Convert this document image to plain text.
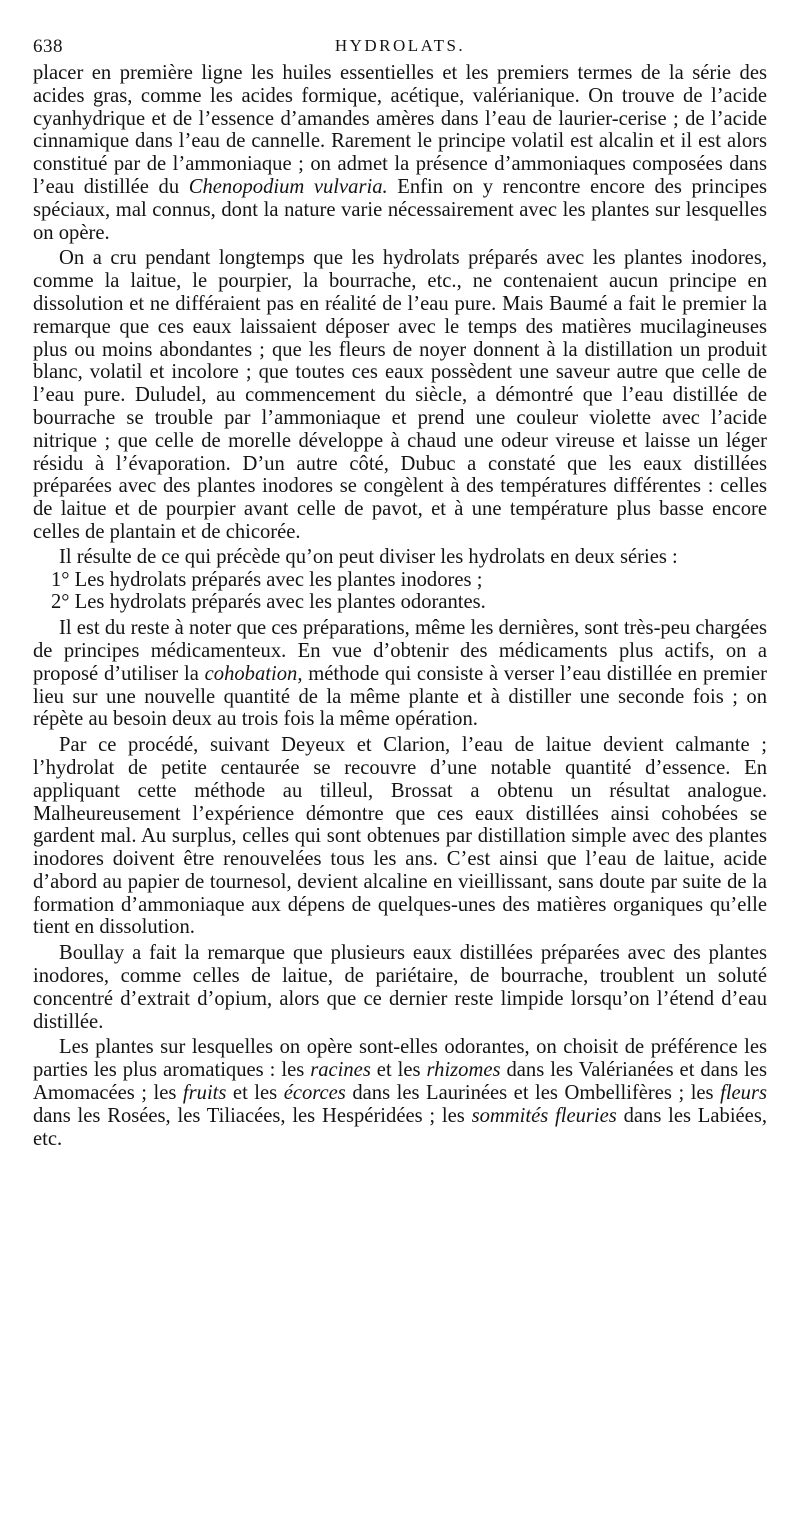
638	HYDROLATS.

placer en première ligne les huiles essentielles et les premiers termes de la série des acides gras, comme les acides formique, acétique, valérianique. On trouve de l’acide cyanhydrique et de l’essence d’amandes amères dans l’eau de laurier-cerise ; de l’acide cinnamique dans l’eau de cannelle. Rarement le principe volatil est alcalin et il est alors constitué par de l’ammoniaque ; on admet la présence d’ammoniaques composées dans l’eau distillée du Chenopodium vulvaria. Enfin on y rencontre encore des principes spéciaux, mal connus, dont la nature varie nécessairement avec les plantes sur lesquelles on opère.

On a cru pendant longtemps que les hydrolats préparés avec les plantes inodores, comme la laitue, le pourpier, la bourrache, etc., ne contenaient aucun principe en dissolution et ne différaient pas en réalité de l’eau pure. Mais Baumé a fait le premier la remarque que ces eaux laissaient déposer avec le temps des matières mucilagineuses plus ou moins abondantes ; que les fleurs de noyer donnent à la distillation un produit blanc, volatil et incolore ; que toutes ces eaux possèdent une saveur autre que celle de l’eau pure. Duludel, au commencement du siècle, a démontré que l’eau distillée de bourrache se trouble par l’ammoniaque et prend une couleur violette avec l’acide nitrique ; que celle de morelle développe à chaud une odeur vireuse et laisse un léger résidu à l’évaporation. D’un autre côté, Dubuc a constaté que les eaux distillées préparées avec des plantes inodores se congèlent à des températures différentes : celles de laitue et de pourpier avant celle de pavot, et à une température plus basse encore celles de plantain et de chicorée.

Il résulte de ce qui précède qu’on peut diviser les hydrolats en deux séries :

1° Les hydrolats préparés avec les plantes inodores ;

2° Les hydrolats préparés avec les plantes odorantes.

Il est du reste à noter que ces préparations, même les dernières, sont très-peu chargées de principes médicamenteux. En vue d’obtenir des médicaments plus actifs, on a proposé d’utiliser la cohobation, méthode qui consiste à verser l’eau distillée en premier lieu sur une nouvelle quantité de la même plante et à distiller une seconde fois ; on répète au besoin deux au trois fois la même opération.

Par ce procédé, suivant Deyeux et Clarion, l’eau de laitue devient calmante ; l’hydrolat de petite centaurée se recouvre d’une notable quantité d’essence. En appliquant cette méthode au tilleul, Brossat a obtenu un résultat analogue. Malheureusement l’expérience démontre que ces eaux distillées ainsi cohobées se gardent mal. Au surplus, celles qui sont obtenues par distillation simple avec des plantes inodores doivent être renouvelées tous les ans. C’est ainsi que l’eau de laitue, acide d’abord au papier de tournesol, devient alcaline en vieillissant, sans doute par suite de la formation d’ammoniaque aux dépens de quelques-unes des matières organiques qu’elle tient en dissolution.

Boullay a fait la remarque que plusieurs eaux distillées préparées avec des plantes inodores, comme celles de laitue, de pariétaire, de bourrache, troublent un soluté concentré d’extrait d’opium, alors que ce dernier reste limpide lorsqu’on l’étend d’eau distillée.

Les plantes sur lesquelles on opère sont-elles odorantes, on choisit de préférence les parties les plus aromatiques : les racines et les rhizomes dans les Valérianées et dans les Amomacées ; les fruits et les écorces dans les Laurinées et les Ombellifères ; les fleurs dans les Rosées, les Tiliacées, les Hespéridées ; les sommités fleuries dans les Labiées, etc.
